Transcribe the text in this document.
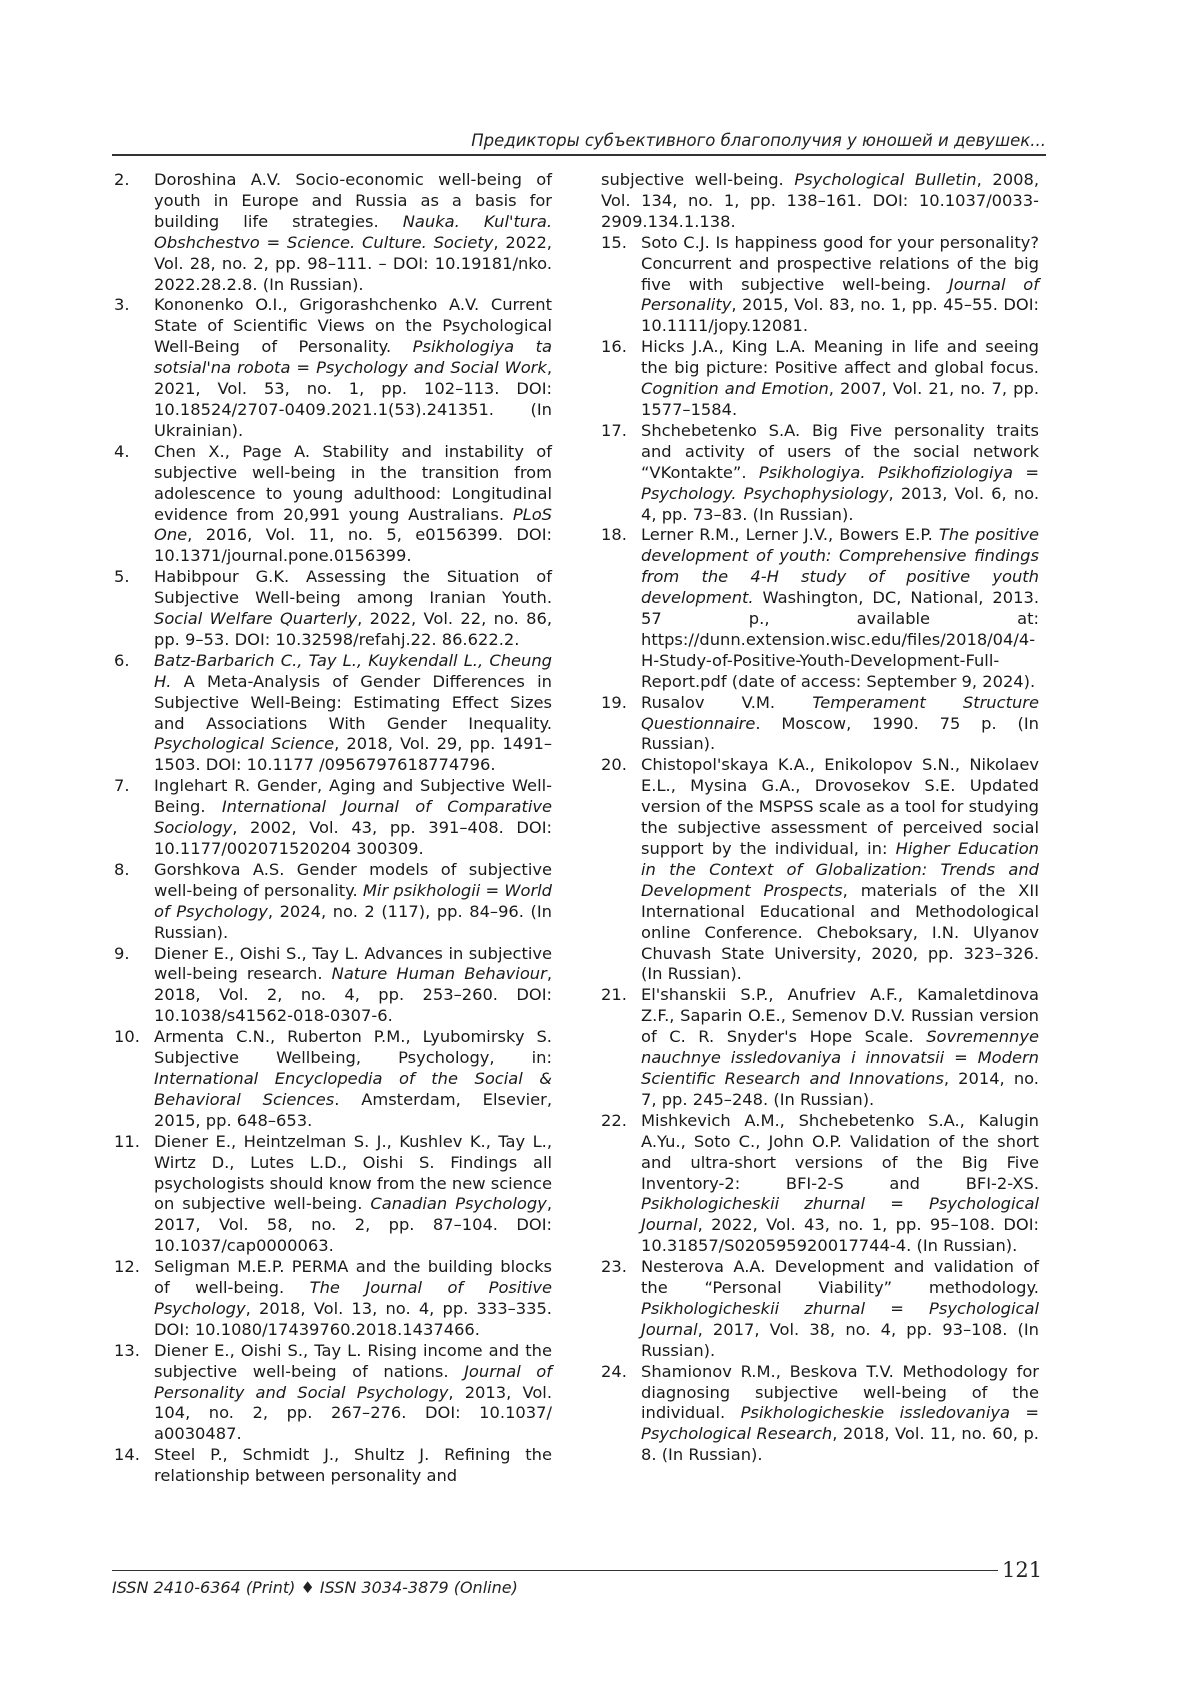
Предикторы субъективного благополучия у юношей и девушек...
2.	Doroshina A.V. Socio-economic well-being of youth in Europe and Russia as a basis for building life strategies. Nauka. Kul'tura. Obshchestvo = Science. Culture. Society, 2022, Vol. 28, no. 2, pp. 98–111. – DOI: 10.19181/nko. 2022.28.2.8. (In Russian).
3.	Kononenko O.I., Grigorashchenko A.V. Current State of Scientific Views on the Psychological Well-Being of Personality. Psikhologiya ta sotsial'na robota = Psychology and Social Work, 2021, Vol. 53, no. 1, pp. 102–113. DOI: 10.18524/2707-0409.2021.1(53).241351. (In Ukrainian).
4.	Chen X., Page A. Stability and instability of subjective well-being in the transition from adolescence to young adulthood: Longitudinal evidence from 20,991 young Australians. PLoS One, 2016, Vol. 11, no. 5, e0156399. DOI: 10.1371/journal.pone.0156399.
5.	Habibpour G.K. Assessing the Situation of Subjective Well-being among Iranian Youth. Social Welfare Quarterly, 2022, Vol. 22, no. 86, pp. 9–53. DOI: 10.32598/refahj.22. 86.622.2.
6.	Batz-Barbarich C., Tay L., Kuykendall L., Cheung H. A Meta-Analysis of Gender Differences in Subjective Well-Being: Estimating Effect Sizes and Associations With Gender Inequality. Psychological Science, 2018, Vol. 29, pp. 1491–1503. DOI: 10.1177 /0956797618774796.
7.	Inglehart R. Gender, Aging and Subjective Well-Being. International Journal of Comparative Sociology, 2002, Vol. 43, pp. 391–408. DOI: 10.1177/002071520204 300309.
8.	Gorshkova A.S. Gender models of subjective well-being of personality. Mir psikhologii = World of Psychology, 2024, no. 2 (117), pp. 84–96. (In Russian).
9.	Diener E., Oishi S., Tay L. Advances in subjective well-being research. Nature Human Behaviour, 2018, Vol. 2, no. 4, pp. 253–260. DOI: 10.1038/s41562-018-0307-6.
10. Armenta C.N., Ruberton P.M., Lyubomirsky S. Subjective Wellbeing, Psychology, in: International Encyclopedia of the Social & Behavioral Sciences. Amsterdam, Elsevier, 2015, pp. 648–653.
11. Diener E., Heintzelman S. J., Kushlev K., Tay L., Wirtz D., Lutes L.D., Oishi S. Findings all psychologists should know from the new science on subjective well-being. Canadian Psychology, 2017, Vol. 58, no. 2, pp. 87–104. DOI: 10.1037/cap0000063.
12. Seligman M.E.P. PERMA and the building blocks of well-being. The Journal of Positive Psychology, 2018, Vol. 13, no. 4, pp. 333–335. DOI: 10.1080/17439760.2018.1437466.
13. Diener E., Oishi S., Tay L. Rising income and the subjective well-being of nations. Journal of Personality and Social Psychology, 2013, Vol. 104, no. 2, pp. 267–276. DOI: 10.1037/ a0030487.
14. Steel P., Schmidt J., Shultz J. Refining the relationship between personality and
subjective well-being. Psychological Bulletin, 2008, Vol. 134, no. 1, pp. 138–161. DOI: 10.1037/0033-2909.134.1.138.
15. Soto C.J. Is happiness good for your personality? Concurrent and prospective relations of the big five with subjective well-being. Journal of Personality, 2015, Vol. 83, no. 1, pp. 45–55. DOI: 10.1111/jopy.12081.
16. Hicks J.A., King L.A. Meaning in life and seeing the big picture: Positive affect and global focus. Cognition and Emotion, 2007, Vol. 21, no. 7, pp. 1577–1584.
17. Shchebetenko S.A. Big Five personality traits and activity of users of the social network “VKontakte”. Psikhologiya. Psikhofiziologiya = Psychology. Psychophysiology, 2013, Vol. 6, no. 4, pp. 73–83. (In Russian).
18. Lerner R.M., Lerner J.V., Bowers E.P. The positive development of youth: Comprehensive findings from the 4-H study of positive youth development. Washington, DC, National, 2013. 57 p., available at: https://dunn.extension.wisc.edu/files/2018/04/4-H-Study-of-Positive-Youth-Development-Full-Report.pdf (date of access: September 9, 2024).
19. Rusalov V.M. Temperament Structure Questionnaire. Moscow, 1990. 75 p. (In Russian).
20. Chistopol'skaya K.A., Enikolopov S.N., Nikolaev E.L., Mysina G.A., Drovosekov S.E. Updated version of the MSPSS scale as a tool for studying the subjective assessment of perceived social support by the individual, in: Higher Education in the Context of Globalization: Trends and Development Prospects, materials of the XII International Educational and Methodological online Conference. Cheboksary, I.N. Ulyanov Chuvash State University, 2020, pp. 323–326. (In Russian).
21. El'shanskii S.P., Anufriev A.F., Kamaletdinova Z.F., Saparin O.E., Semenov D.V. Russian version of C. R. Snyder's Hope Scale. Sovremennye nauchnye issledovaniya i innovatsii = Modern Scientific Research and Innovations, 2014, no. 7, pp. 245–248. (In Russian).
22. Mishkevich A.M., Shchebetenko S.A., Kalugin A.Yu., Soto C., John O.P. Validation of the short and ultra-short versions of the Big Five Inventory-2: BFI-2-S and BFI-2-XS. Psikhologicheskii zhurnal = Psychological Journal, 2022, Vol. 43, no. 1, pp. 95–108. DOI: 10.31857/S020595920017744-4. (In Russian).
23. Nesterova A.A. Development and validation of the “Personal Viability” methodology. Psikhologicheskii zhurnal = Psychological Journal, 2017, Vol. 38, no. 4, pp. 93–108. (In Russian).
24. Shamionov R.M., Beskova T.V. Methodology for diagnosing subjective well-being of the individual. Psikhologicheskie issledovaniya = Psychological Research, 2018, Vol. 11, no. 60, p. 8. (In Russian).
ISSN 2410-6364 (Print) ♦ ISSN 3034-3879 (Online)
121
